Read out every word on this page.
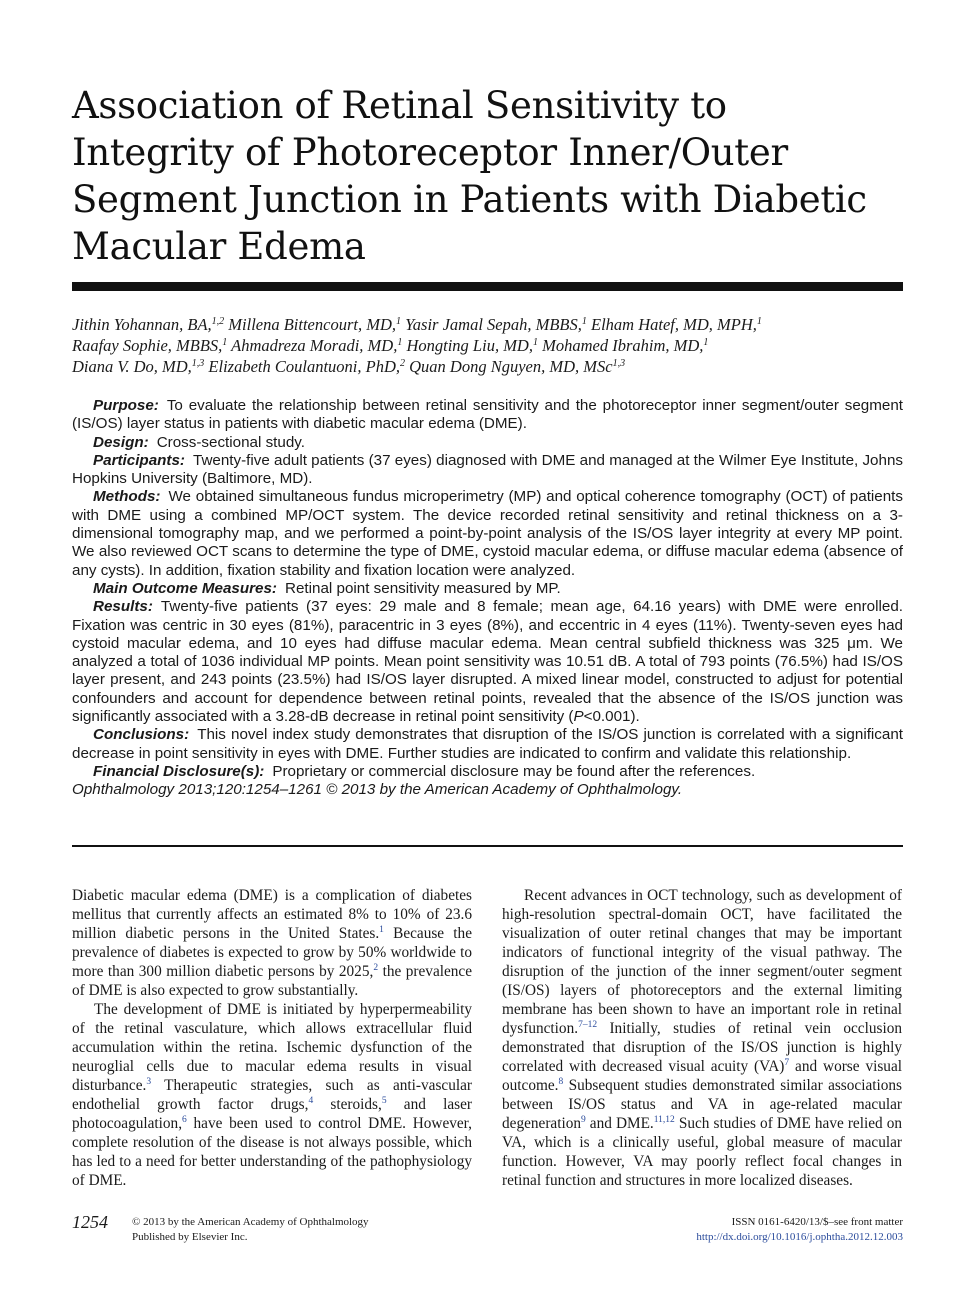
Association of Retinal Sensitivity to
Integrity of Photoreceptor Inner/Outer
Segment Junction in Patients with Diabetic
Macular Edema
Jithin Yohannan, BA,$^{1,2}$ Millena Bittencourt, MD,$^1$ Yasir Jamal Sepah, MBBS,$^1$ Elham Hatef, MD, MPH,$^1$
Raafay Sophie, MBBS,$^1$ Ahmadreza Moradi, MD,$^1$ Hongting Liu, MD,$^1$ Mohamed Ibrahim, MD,$^1$
Diana V. Do, MD,$^{1,3}$ Elizabeth Coulantuoni, PhD,$^2$ Quan Dong Nguyen, MD, MSc$^{1,3}$

Purpose: To evaluate the relationship between retinal sensitivity and the photoreceptor inner segment/outer segment (IS/OS) layer status in patients with diabetic macular edema (DME).

Design: Cross-sectional study.

Participants: Twenty-five adult patients (37 eyes) diagnosed with DME and managed at the Wilmer Eye Institute, Johns Hopkins University (Baltimore, MD).

Methods: We obtained simultaneous fundus microperimetry (MP) and optical coherence tomography (OCT) of patients with DME using a combined MP/OCT system. The device recorded retinal sensitivity and retinal thickness on a 3-dimensional tomography map, and we performed a point-by-point analysis of the IS/OS layer integrity at every MP point. We also reviewed OCT scans to determine the type of DME, cystoid macular edema, or diffuse macular edema (absence of any cysts). In addition, fixation stability and fixation location were analyzed.

Main Outcome Measures: Retinal point sensitivity measured by MP.

Results: Twenty-five patients (37 eyes: 29 male and 8 female; mean age, 64.16 years) with DME were enrolled. Fixation was centric in 30 eyes (81%), paracentric in 3 eyes (8%), and eccentric in 4 eyes (11%). Twenty-seven eyes had cystoid macular edema, and 10 eyes had diffuse macular edema. Mean central subfield thickness was 325 μm. We analyzed a total of 1036 individual MP points. Mean point sensitivity was 10.51 dB. A total of 793 points (76.5%) had IS/OS layer present, and 243 points (23.5%) had IS/OS layer disrupted. A mixed linear model, constructed to adjust for potential confounders and account for dependence between retinal points, revealed that the absence of the IS/OS junction was significantly associated with a 3.28-dB decrease in retinal point sensitivity (P<0.001).

Conclusions: This novel index study demonstrates that disruption of the IS/OS junction is correlated with a significant decrease in point sensitivity in eyes with DME. Further studies are indicated to confirm and validate this relationship.

Financial Disclosure(s): Proprietary or commercial disclosure may be found after the references.

Ophthalmology 2013;120:1254–1261 © 2013 by the American Academy of Ophthalmology.

Diabetic macular edema (DME) is a complication of diabetes mellitus that currently affects an estimated 8% to 10% of 23.6 million diabetic persons in the United States.$^1$ Because the prevalence of diabetes is expected to grow by 50% worldwide to more than 300 million diabetic persons by 2025,$^2$ the prevalence of DME is also expected to grow substantially.

The development of DME is initiated by hyperpermeability of the retinal vasculature, which allows extracellular fluid accumulation within the retina. Ischemic dysfunction of the neuroglial cells due to macular edema results in visual disturbance.$^3$ Therapeutic strategies, such as anti-vascular endothelial growth factor drugs,$^4$ steroids,$^5$ and laser photocoagulation,$^6$ have been used to control DME. However, complete resolution of the disease is not always possible, which has led to a need for better understanding of the pathophysiology of DME.

Recent advances in OCT technology, such as development of high-resolution spectral-domain OCT, have facilitated the visualization of outer retinal changes that may be important indicators of functional integrity of the visual pathway. The disruption of the junction of the inner segment/outer segment (IS/OS) layers of photoreceptors and the external limiting membrane has been shown to have an important role in retinal dysfunction.$^{7-12}$ Initially, studies of retinal vein occlusion demonstrated that disruption of the IS/OS junction is highly correlated with decreased visual acuity (VA)$^7$ and worse visual outcome.$^8$ Subsequent studies demonstrated similar associations between IS/OS status and VA in age-related macular degeneration$^9$ and DME.$^{11,12}$ Such studies of DME have relied on VA, which is a clinically useful, global measure of macular function. However, VA may poorly reflect focal changes in retinal function and structures in more localized diseases.

1254 © 2013 by the American Academy of Ophthalmology
Published by Elsevier Inc.
ISSN 0161-6420/13/$–see front matter
http://dx.doi.org/10.1016/j.ophtha.2012.12.003
